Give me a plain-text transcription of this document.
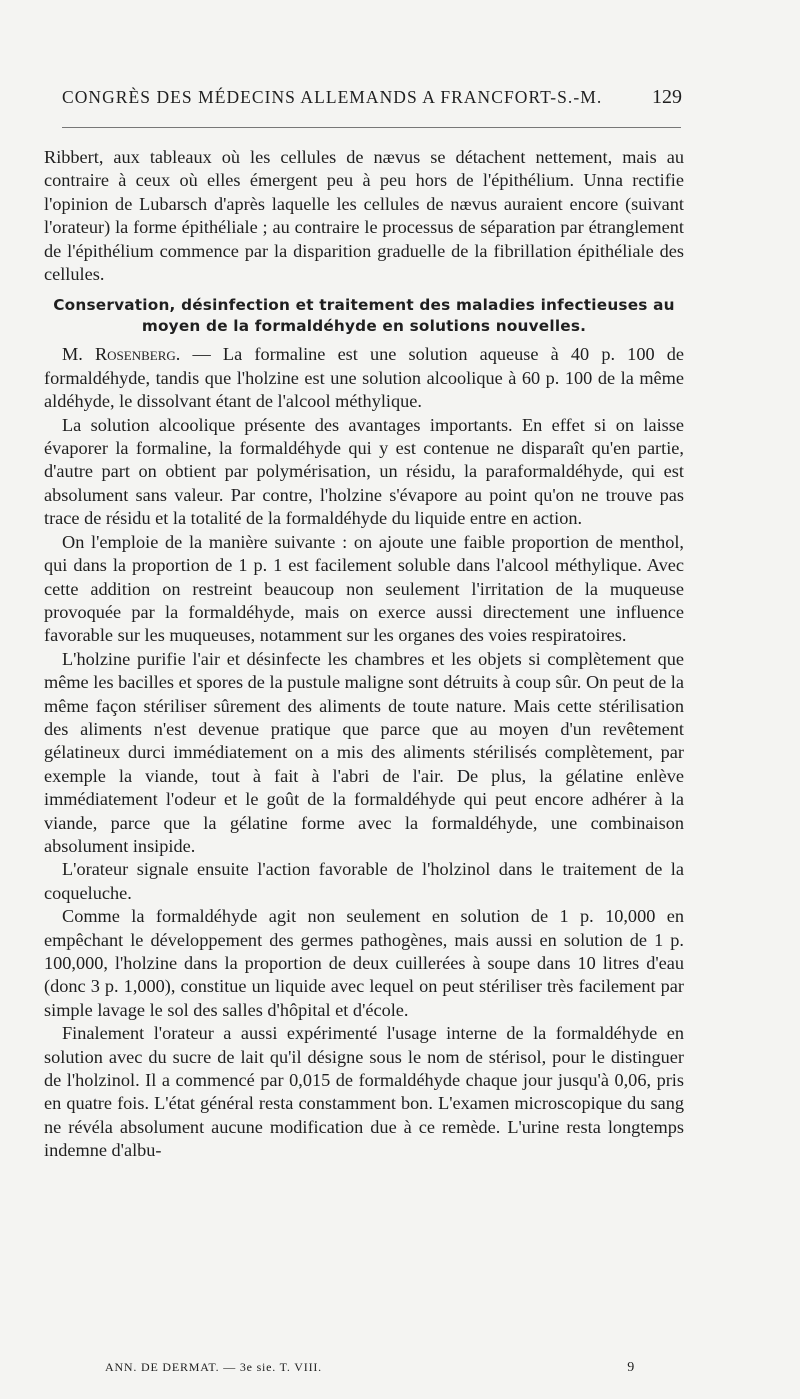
CONGRÈS DES MÉDECINS ALLEMANDS A FRANCFORT-S.-M. 129

Ribbert, aux tableaux où les cellules de nævus se détachent nettement, mais au contraire à ceux où elles émergent peu à peu hors de l'épithélium. Unna rectifie l'opinion de Lubarsch d'après laquelle les cellules de nævus auraient encore (suivant l'orateur) la forme épithéliale ; au contraire le processus de séparation par étranglement de l'épithélium commence par la disparition graduelle de la fibrillation épithéliale des cellules.

Conservation, désinfection et traitement des maladies infectieuses au moyen de la formaldéhyde en solutions nouvelles.

M. Rosenberg. — La formaline est une solution aqueuse à 40 p. 100 de formaldéhyde, tandis que l'holzine est une solution alcoolique à 60 p. 100 de la même aldéhyde, le dissolvant étant de l'alcool méthylique.

La solution alcoolique présente des avantages importants. En effet si on laisse évaporer la formaline, la formaldéhyde qui y est contenue ne disparaît qu'en partie, d'autre part on obtient par polymérisation, un résidu, la paraformaldéhyde, qui est absolument sans valeur. Par contre, l'holzine s'évapore au point qu'on ne trouve pas trace de résidu et la totalité de la formaldéhyde du liquide entre en action.

On l'emploie de la manière suivante : on ajoute une faible proportion de menthol, qui dans la proportion de 1 p. 1 est facilement soluble dans l'alcool méthylique. Avec cette addition on restreint beaucoup non seulement l'irritation de la muqueuse provoquée par la formaldéhyde, mais on exerce aussi directement une influence favorable sur les muqueuses, notamment sur les organes des voies respiratoires.

L'holzine purifie l'air et désinfecte les chambres et les objets si complètement que même les bacilles et spores de la pustule maligne sont détruits à coup sûr. On peut de la même façon stériliser sûrement des aliments de toute nature. Mais cette stérilisation des aliments n'est devenue pratique que parce que au moyen d'un revêtement gélatineux durci immédiatement on a mis des aliments stérilisés complètement, par exemple la viande, tout à fait à l'abri de l'air. De plus, la gélatine enlève immédiatement l'odeur et le goût de la formaldéhyde qui peut encore adhérer à la viande, parce que la gélatine forme avec la formaldéhyde, une combinaison absolument insipide.

L'orateur signale ensuite l'action favorable de l'holzinol dans le traitement de la coqueluche.

Comme la formaldéhyde agit non seulement en solution de 1 p. 10,000 en empêchant le développement des germes pathogènes, mais aussi en solution de 1 p. 100,000, l'holzine dans la proportion de deux cuillerées à soupe dans 10 litres d'eau (donc 3 p. 1,000), constitue un liquide avec lequel on peut stériliser très facilement par simple lavage le sol des salles d'hôpital et d'école.

Finalement l'orateur a aussi expérimenté l'usage interne de la formaldéhyde en solution avec du sucre de lait qu'il désigne sous le nom de stérisol, pour le distinguer de l'holzinol. Il a commencé par 0,015 de formaldéhyde chaque jour jusqu'à 0,06, pris en quatre fois. L'état général resta constamment bon. L'examen microscopique du sang ne révéla absolument aucune modification due à ce remède. L'urine resta longtemps indemne d'albu-

ANN. DE DERMAT. — 3e sie. T. VIII.	9
